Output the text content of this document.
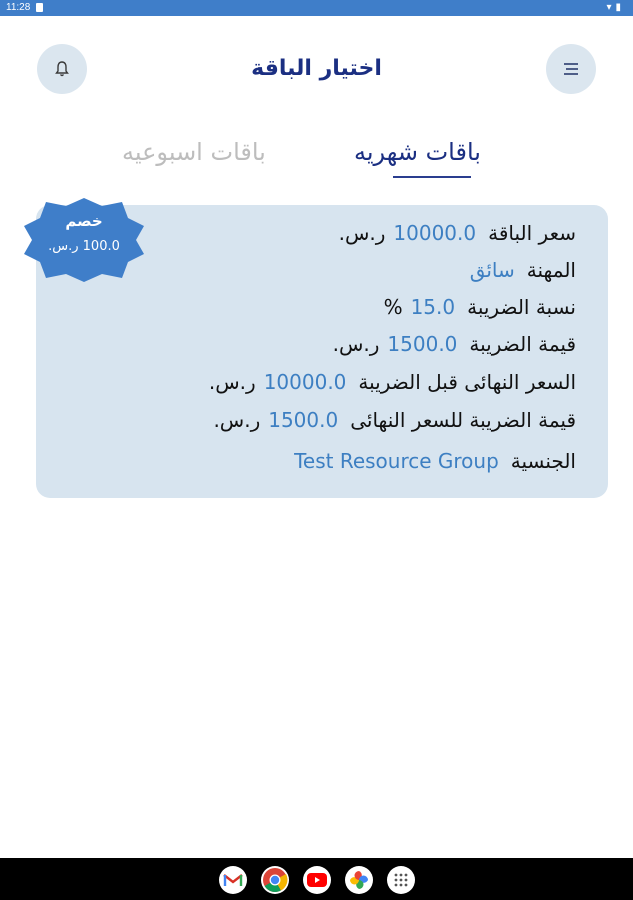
11:28	▾▮
اختيار الباقة
باقات شهريه
باقات اسبوعيه
سعر الباقة
10000.0
ر.س.
المهنة
سائق
نسبة الضريبة
15.0
%
قيمة الضريبة
1500.0
ر.س.
السعر النهائى قبل الضريبة
10000.0
ر.س.
قيمة الضريبة للسعر النهائى
1500.0
ر.س.
الجنسية
Test Resource Group
خصم
100.0 ر.س.
